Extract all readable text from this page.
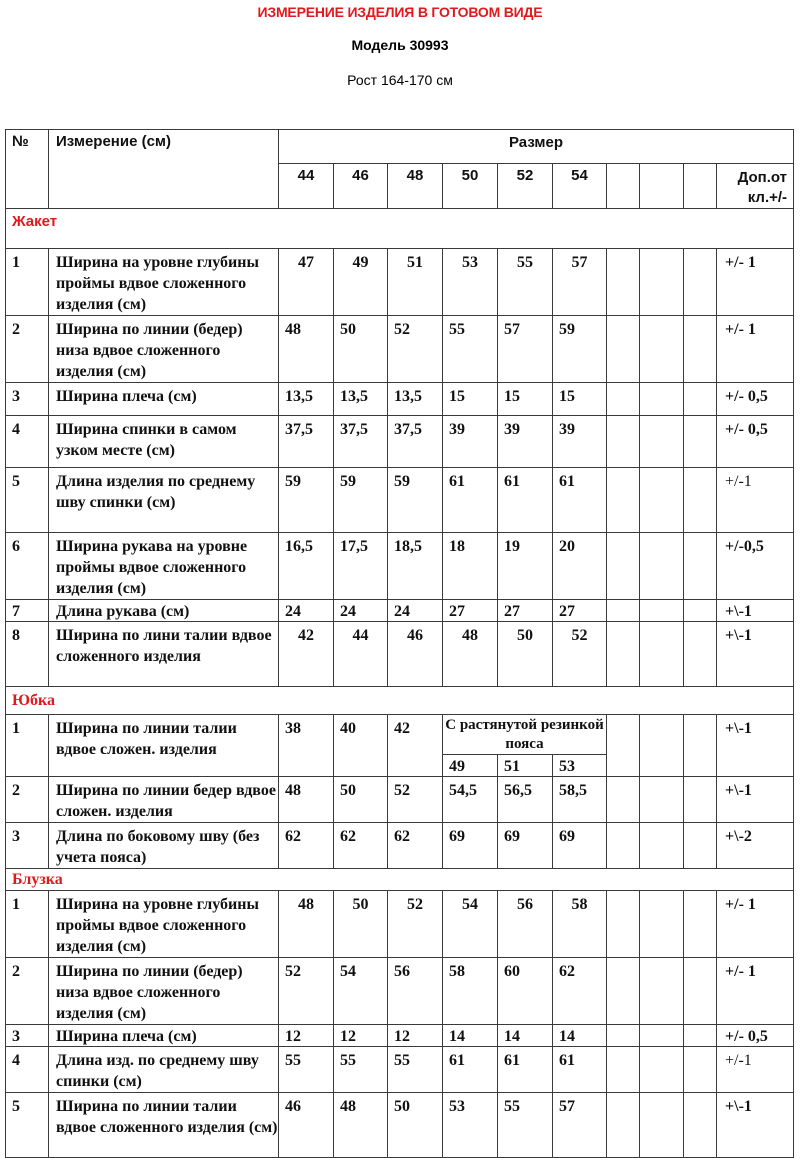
ИЗМЕРЕНИЕ ИЗДЕЛИЯ В ГОТОВОМ ВИДЕ
Модель 30993
Рост 164-170 см
№	Измерение (см)	Размер									
		44	46	48	50	52	54				Доп.от кл.+/-
Жакет											
1	Ширина на уровне глубины проймы вдвое сложенного изделия (см)	47	49	51	53	55	57				+/- 1
2	Ширина по линии (бедер) низа вдвое сложенного изделия (см)	48	50	52	55	57	59				+/- 1
3	Ширина плеча (см)	13,5	13,5	13,5	15	15	15				+/- 0,5
4	Ширина спинки в самом узком месте (см)	37,5	37,5	37,5	39	39	39				+/- 0,5
5	Длина изделия по среднему шву спинки (см)	59	59	59	61	61	61				+/-1
6	Ширина рукава на уровне проймы вдвое сложенного изделия (см)	16,5	17,5	18,5	18	19	20				+/-0,5
7	Длина рукава (см)	24	24	24	27	27	27				+\-1
8	Ширина по лини талии вдвое сложенного изделия	42	44	46	48	50	52				+\-1
Юбка											
1	Ширина по линии талии вдвое сложен. изделия	38	40	42	С растянутой резинкой пояса						+\-1
					49	51	53				
2	Ширина по линии бедер вдвое сложен. изделия	48	50	52	54,5	56,5	58,5				+\-1
3	Длина по боковому шву (без учета пояса)	62	62	62	69	69	69				+\-2
Блузка											
1	Ширина на уровне глубины проймы вдвое сложенного изделия (см)	48	50	52	54	56	58				+/- 1
2	Ширина по линии (бедер) низа вдвое сложенного изделия (см)	52	54	56	58	60	62				+/- 1
3	Ширина плеча (см)	12	12	12	14	14	14				+/- 0,5
4	Длина изд. по среднему шву спинки (см)	55	55	55	61	61	61				+/-1
5	Ширина по линии талии вдвое сложенного изделия (см)	46	48	50	53	55	57				+\-1
